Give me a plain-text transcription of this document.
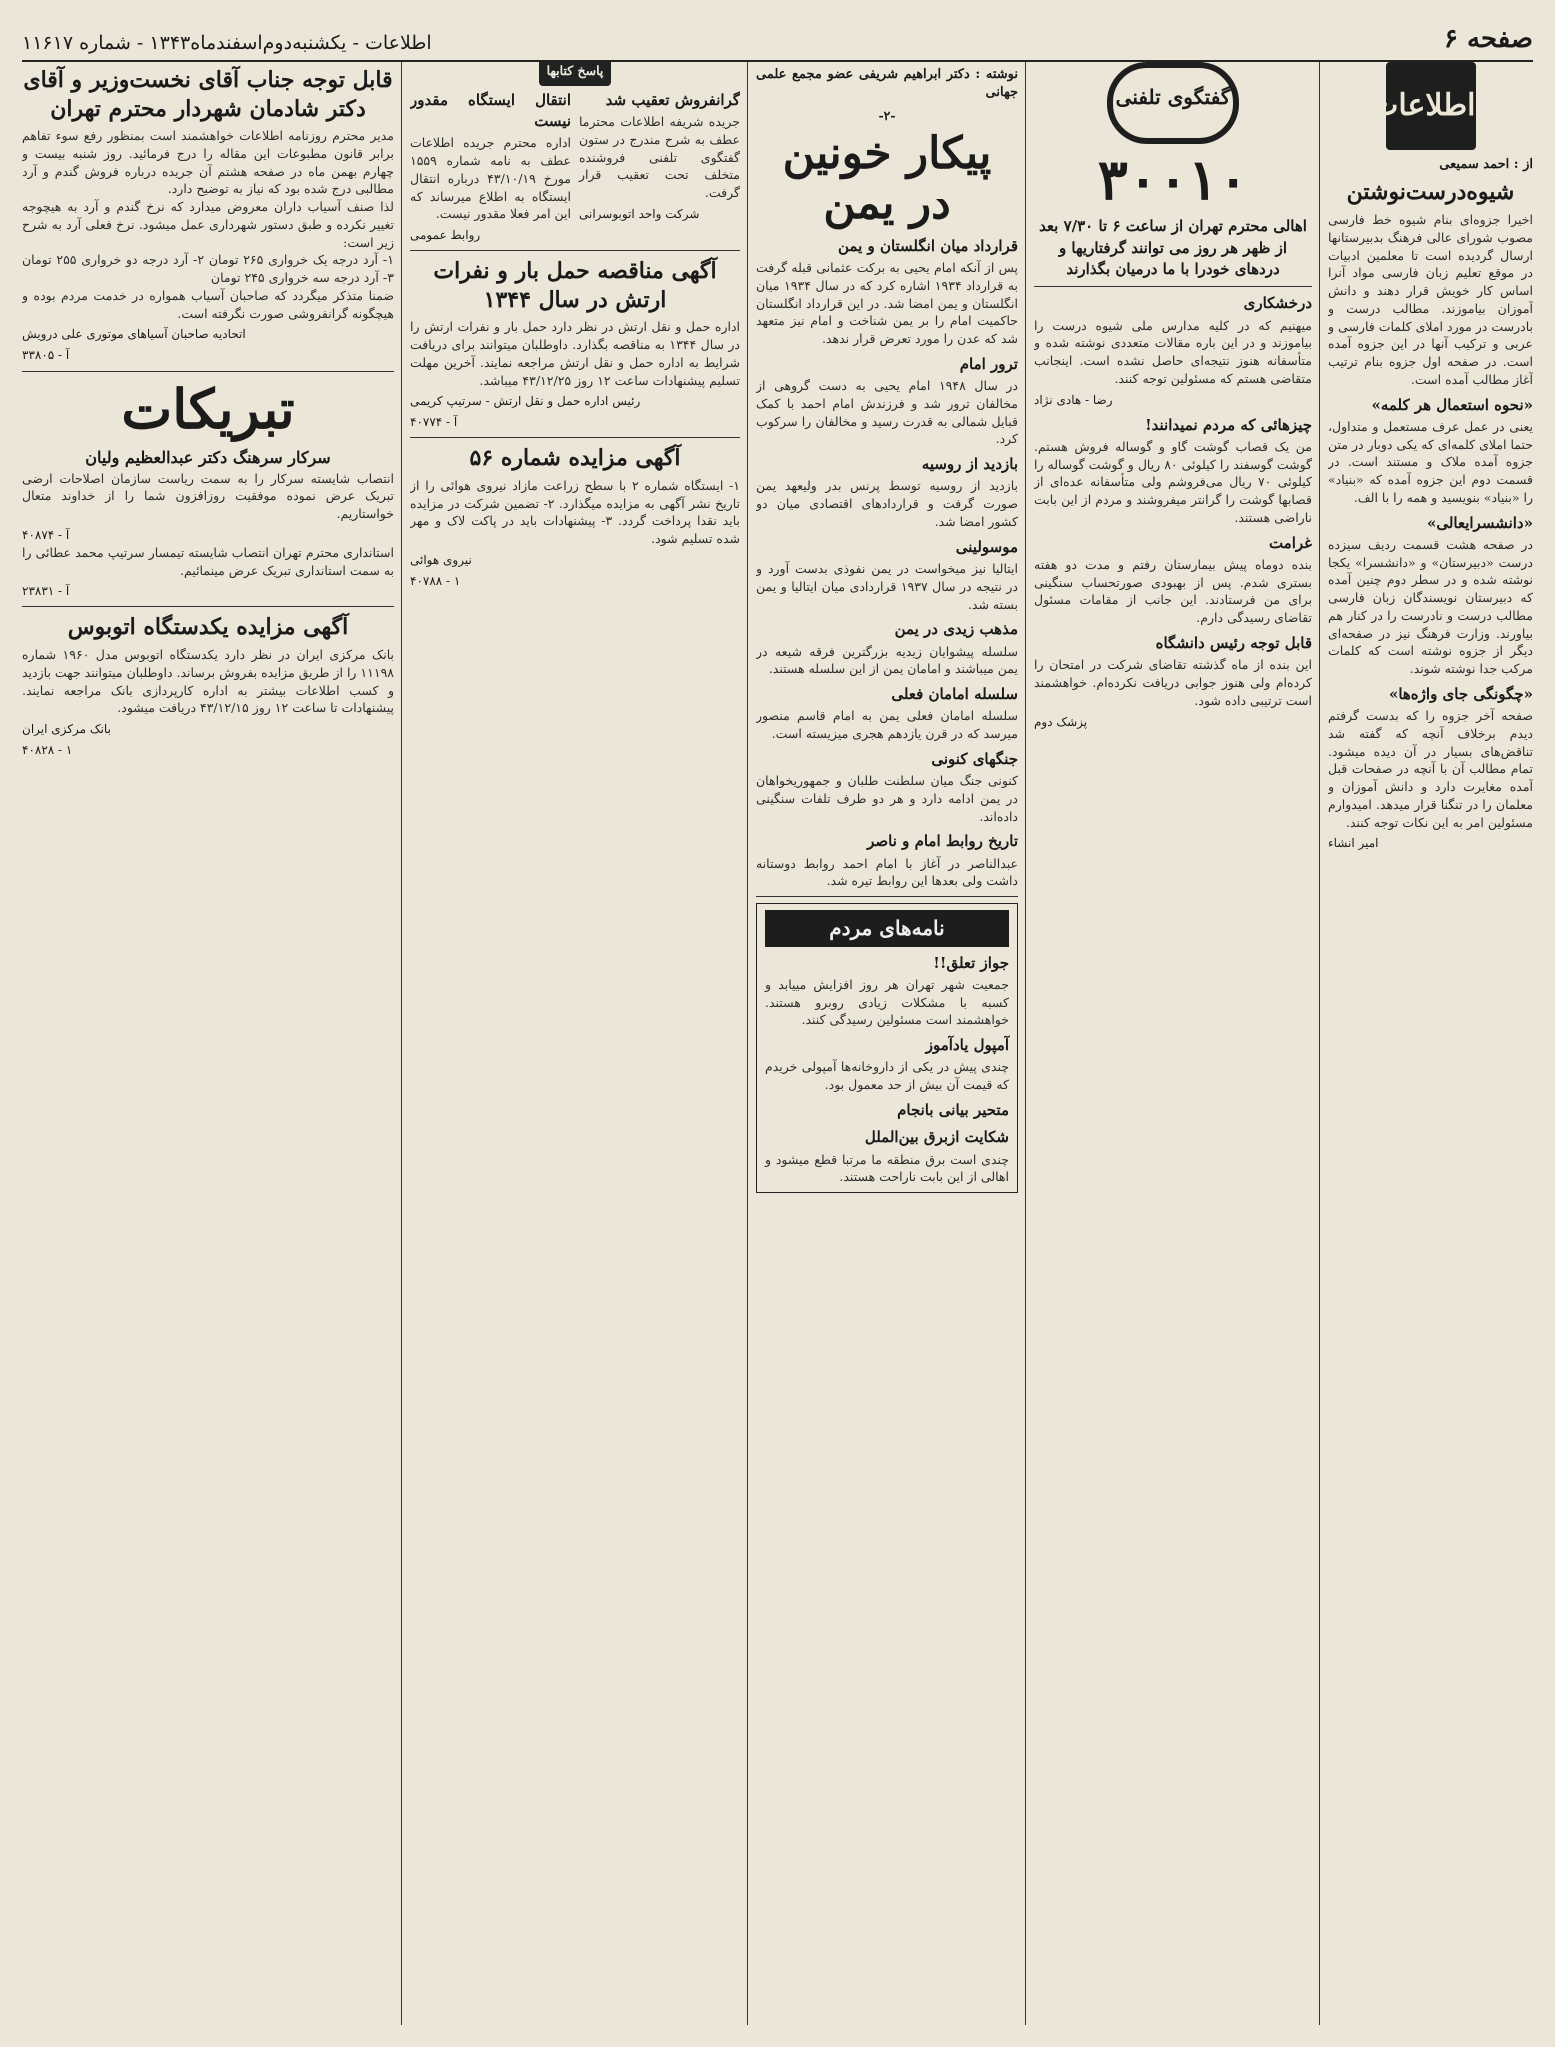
صفحه ۶
اطلاعات - یکشنبه‌دوم‌اسفندماه۱۳۴۳ - شماره ۱۱۶۱۷
اطلاعات
از : احمد سمیعی
شیوه‌درست‌نوشتن
اخیرا جزوه‌ای بنام شیوه خط فارسی مصوب شورای عالی فرهنگ بدبیرستانها ارسال گردیده است تا معلمین ادبیات در موقع تعلیم زبان فارسی مواد آنرا اساس کار خویش قرار دهند و دانش آموزان بیاموزند. مطالب درست و بادرست در مورد املای کلمات فارسی و عربی و ترکیب آنها در این جزوه آمده است. در صفحه اول جزوه بنام ترتیب آغاز مطالب آمده است.
«نحوه استعمال هر کلمه»
یعنی در عمل عرف مستعمل و متداول، حتما املای کلمه‌ای که یکی دوبار در متن جزوه آمده ملاک و مستند است. در قسمت دوم این جزوه آمده که «بنیاد» را «بنیاد» بنویسید و همه را با الف.
«دانشسرایعالی»
در صفحه هشت قسمت ردیف سیزده درست «دبیرستان» و «دانشسرا» یکجا نوشته شده و در سطر دوم چنین آمده که دبیرستان نویسندگان زبان فارسی مطالب درست و نادرست را در کنار هم بیاورند. وزارت فرهنگ نیز در صفحه‌ای دیگر از جزوه نوشته است که کلمات مرکب جدا نوشته شوند.
«چگونگی جای واژه‌ها»
صفحه آخر جزوه را که بدست گرفتم دیدم برخلاف آنچه که گفته شد تناقض‌های بسیار در آن دیده میشود. تمام مطالب آن با آنچه در صفحات قبل آمده مغایرت دارد و دانش آموزان و معلمان را در تنگنا قرار میدهد. امیدوارم مسئولین امر به این نکات توجه کنند.
امیر انشاء
گفتگوی تلفنی
۳۰۰۱۰
اهالی محترم تهران از ساعت ۶ تا ۷/۳۰ بعد از ظهر هر روز می توانند گرفتاریها و دردهای خودرا با ما درمیان بگذارند
درخشکاری
میهنیم که در کلیه مدارس ملی شیوه درست را بیاموزند و در این باره مقالات متعددی نوشته شده و متأسفانه هنوز نتیجه‌ای حاصل نشده است. اینجانب متقاضی هستم که مسئولین توجه کنند.
رضا - هادی نژاد
چیزهائی که مردم نمیدانند!
من یک قصاب گوشت گاو و گوساله فروش هستم. گوشت گوسفند را کیلوئی ۸۰ ریال و گوشت گوساله را کیلوئی ۷۰ ریال می‌فروشم ولی متأسفانه عده‌ای از قصابها گوشت را گرانتر میفروشند و مردم از این بابت ناراضی هستند.
غرامت
بنده دوماه پیش بیمارستان رفتم و مدت دو هفته بستری شدم. پس از بهبودی صورتحساب سنگینی برای من فرستادند. این جانب از مقامات مسئول تقاضای رسیدگی دارم.
قابل توجه رئیس دانشگاه
این بنده از ماه گذشته تقاضای شرکت در امتحان را کرده‌ام ولی هنوز جوابی دریافت نکرده‌ام. خواهشمند است ترتیبی داده شود.
پزشک دوم
نوشته : دکتر ابراهیم شریفی عضو مجمع علمی جهانی
-۲-
پیکار خونین در یمن
قرارداد میان انگلستان و یمن
پس از آنکه امام یحیی به برکت عثمانی قبله گرفت به قرارداد ۱۹۳۴ اشاره کرد که در سال ۱۹۳۴ میان انگلستان و یمن امضا شد. در این قرارداد انگلستان حاکمیت امام را بر یمن شناخت و امام نیز متعهد شد که عدن را مورد تعرض قرار ندهد.
ترور امام
در سال ۱۹۴۸ امام یحیی به دست گروهی از مخالفان ترور شد و فرزندش امام احمد با کمک قبایل شمالی به قدرت رسید و مخالفان را سرکوب کرد.
بازدید از روسیه
بازدید از روسیه توسط پرنس بدر ولیعهد یمن صورت گرفت و قراردادهای اقتصادی میان دو کشور امضا شد.
موسولینی
ایتالیا نیز میخواست در یمن نفوذی بدست آورد و در نتیجه در سال ۱۹۳۷ قراردادی میان ایتالیا و یمن بسته شد.
مذهب زیدی در یمن
سلسله پیشوایان زیدیه بزرگترین فرقه شیعه در یمن میباشند و امامان یمن از این سلسله هستند.
سلسله امامان فعلی
سلسله امامان فعلی یمن به امام قاسم منصور میرسد که در قرن یازدهم هجری میزیسته است.
جنگهای کنونی
کنونی جنگ میان سلطنت طلبان و جمهوریخواهان در یمن ادامه دارد و هر دو طرف تلفات سنگینی داده‌اند.
تاریخ روابط امام و ناصر
عبدالناصر در آغاز با امام احمد روابط دوستانه داشت ولی بعدها این روابط تیره شد.
نامه‌های مردم
جواز تعلق!!
جمعیت شهر تهران هر روز افزایش مییابد و کسبه با مشکلات زیادی روبرو هستند. خواهشمند است مسئولین رسیدگی کنند.
آمپول یادآموز
چندی پیش در یکی از داروخانه‌ها آمپولی خریدم که قیمت آن بیش از حد معمول بود.
متحیر بیانی بانجام
شکایت ازبرق بین‌الملل
چندی است برق منطقه ما مرتبا قطع میشود و اهالی از این بابت ناراحت هستند.
پاسخ کتابها
گرانفروش تعقیب شد
جریده شریفه اطلاعات محترما عطف به شرح مندرج در ستون گفتگوی تلفنی فروشنده متخلف تحت تعقیب قرار گرفت.
شرکت واحد اتوبوسرانی
انتقال ایستگاه مقدور نیست
اداره محترم جریده اطلاعات عطف به نامه شماره ۱۵۵۹ مورخ ۴۳/۱۰/۱۹ درباره انتقال ایستگاه به اطلاع میرساند که این امر فعلا مقدور نیست.
روابط عمومی
آگهی مناقصه حمل بار و نفرات ارتش در سال ۱۳۴۴
اداره حمل و نقل ارتش در نظر دارد حمل بار و نفرات ارتش را در سال ۱۳۴۴ به مناقصه بگذارد. داوطلبان میتوانند برای دریافت شرایط به اداره حمل و نقل ارتش مراجعه نمایند. آخرین مهلت تسلیم پیشنهادات ساعت ۱۲ روز ۴۳/۱۲/۲۵ میباشد.
رئیس اداره حمل و نقل ارتش - سرتیپ کریمی
آ - ۴۰۷۷۴
آگهی مزایده شماره ۵۶
۱- ایستگاه شماره ۲ با سطح زراعت مازاد نیروی هوائی را از تاریخ نشر آگهی به مزایده میگذارد. ۲- تضمین شرکت در مزایده باید نقدا پرداخت گردد. ۳- پیشنهادات باید در پاکت لاک و مهر شده تسلیم شود.
نیروی هوائی
۱ - ۴۰۷۸۸
قابل توجه جناب آقای نخست‌وزیر و آقای دکتر شادمان شهردار محترم تهران
مدیر محترم روزنامه اطلاعات خواهشمند است بمنظور رفع سوء تفاهم برابر قانون مطبوعات این مقاله را درج فرمائید. روز شنبه بیست و چهارم بهمن ماه در صفحه هشتم آن جریده درباره فروش گندم و آرد مطالبی درج شده بود که نیاز به توضیح دارد.
لذا صنف آسیاب داران معروض میدارد که نرخ گندم و آرد به هیچوجه تغییر نکرده و طبق دستور شهرداری عمل میشود. نرخ فعلی آرد به شرح زیر است:
۱- آرد درجه یک خرواری ۲۶۵ تومان ۲- آرد درجه دو خرواری ۲۵۵ تومان ۳- آرد درجه سه خرواری ۲۴۵ تومان
ضمنا متذکر میگردد که صاحبان آسیاب همواره در خدمت مردم بوده و هیچگونه گرانفروشی صورت نگرفته است.
اتحادیه صاحبان آسیاهای موتوری علی درویش
آ - ۳۳۸۰۵
تبریکات
سرکار سرهنگ دکتر عبدالعظیم ولیان
انتصاب شایسته سرکار را به سمت ریاست سازمان اصلاحات ارضی تبریک عرض نموده موفقیت روزافزون شما را از خداوند متعال خواستاریم.
آ - ۴۰۸۷۴
استانداری محترم تهران انتصاب شایسته تیمسار سرتیپ محمد عطائی را به سمت استانداری تبریک عرض مینمائیم.
آ - ۲۳۸۳۱
آگهی مزایده یکدستگاه اتوبوس
بانک مرکزی ایران در نظر دارد یکدستگاه اتوبوس مدل ۱۹۶۰ شماره ۱۱۱۹۸ را از طریق مزایده بفروش برساند. داوطلبان میتوانند جهت بازدید و کسب اطلاعات بیشتر به اداره کارپردازی بانک مراجعه نمایند. پیشنهادات تا ساعت ۱۲ روز ۴۳/۱۲/۱۵ دریافت میشود.
بانک مرکزی ایران
۱ - ۴۰۸۲۸
